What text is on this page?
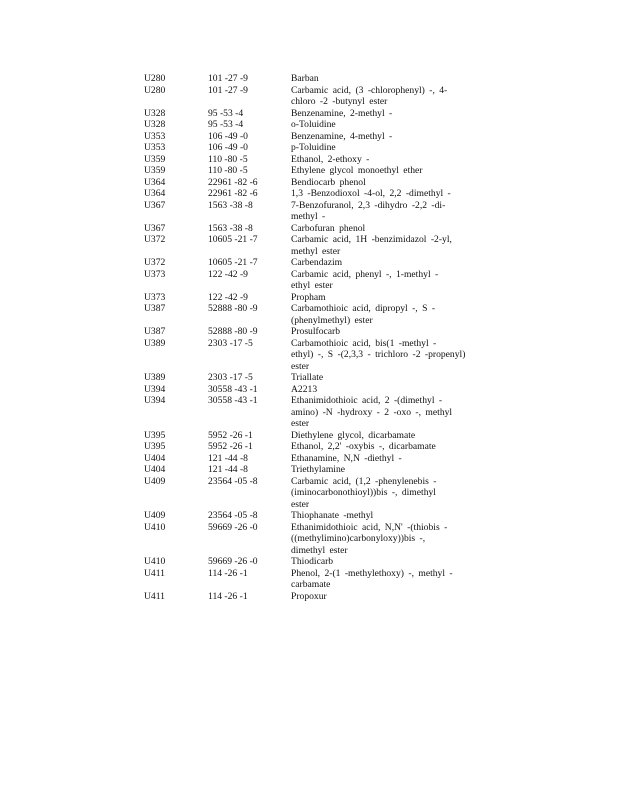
U280	101 -27 -9	Barban
U280	101 -27 -9	Carbamic acid, (3 -chlorophenyl) -, 4-
chloro -2 -butynyl ester
U328	95 -53 -4	Benzenamine, 2-methyl -
U328	95 -53 -4	o-Toluidine
U353	106 -49 -0	Benzenamine, 4-methyl -
U353	106 -49 -0	p-Toluidine
U359	110 -80 -5	Ethanol, 2-ethoxy -
U359	110 -80 -5	Ethylene glycol monoethyl ether
U364	22961 -82 -6	Bendiocarb phenol
U364	22961 -82 -6	1,3 -Benzodioxol -4-ol, 2,2 -dimethyl -
U367	1563 -38 -8	7-Benzofuranol, 2,3 -dihydro -2,2 -di-
methyl -
U367	1563 -38 -8	Carbofuran phenol
U372	10605 -21 -7	Carbamic acid, 1H -benzimidazol -2-yl,
methyl ester
U372	10605 -21 -7	Carbendazim
U373	122 -42 -9	Carbamic acid, phenyl -, 1-methyl -
ethyl ester
U373	122 -42 -9	Propham
U387	52888 -80 -9	Carbamothioic acid, dipropyl -, S -
(phenylmethyl) ester
U387	52888 -80 -9	Prosulfocarb
U389	2303 -17 -5	Carbamothioic acid, bis(1 -methyl -
ethyl) -, S -(2,3,3 - trichloro -2 -propenyl)
ester
U389	2303 -17 -5	Triallate
U394	30558 -43 -1	A2213
U394	30558 -43 -1	Ethanimidothioic acid, 2 -(dimethyl -
amino) -N -hydroxy - 2 -oxo -, methyl
ester
U395	5952 -26 -1	Diethylene glycol, dicarbamate
U395	5952 -26 -1	Ethanol, 2,2' -oxybis -, dicarbamate
U404	121 -44 -8	Ethanamine, N,N -diethyl -
U404	121 -44 -8	Triethylamine
U409	23564 -05 -8	Carbamic acid, (1,2 -phenylenebis -
(iminocarbonothioyl))bis -, dimethyl
ester
U409	23564 -05 -8	Thiophanate -methyl
U410	59669 -26 -0	Ethanimidothioic acid, N,N' -(thiobis -
((methylimino)carbonyloxy))bis -,
dimethyl ester
U410	59669 -26 -0	Thiodicarb
U411	114 -26 -1	Phenol, 2-(1 -methylethoxy) -, methyl -
carbamate
U411	114 -26 -1	Propoxur
